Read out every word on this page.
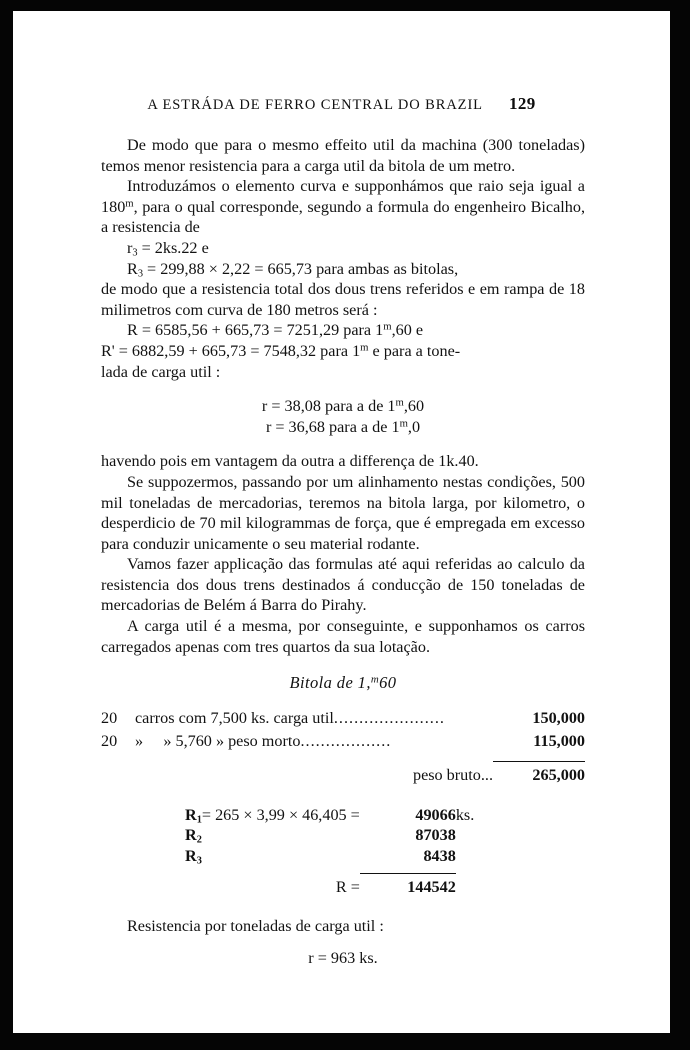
A ESTRÁDA DE FERRO CENTRAL DO BRAZIL 129

De modo que para o mesmo effeito util da machina (300 toneladas) temos menor resistencia para a carga util da bitola de um metro.

Introduzámos o elemento curva e supponhámos que raio seja igual a 180$^m$, para o qual corresponde, segundo a formula do engenheiro Bicalho, a resistencia de

$r_3 = 2ks.22$ e
$R_3 = 299,88 \times 2,22 = 665,73$ para ambas as bitolas,

de modo que a resistencia total dos dous trens referidos e em rampa de 18 milimetros com curva de 180 metros será :

R = 6585,56 + 665,73 = 7251,29 para 1$^m$,60 e
R' = 6882,59 + 665,73 = 7548,32 para 1$^m$ e para a tone-

lada de carga util :

r = 38,08 para a de 1$^m$,60
r = 36,68 para a de 1$^m$,0

havendo pois em vantagem da outra a differença de 1k.40.

Se suppozermos, passando por um alinhamento nestas condições, 500 mil toneladas de mercadorias, teremos na bitola larga, por kilometro, o desperdicio de 70 mil kilogrammas de força, que é empregada em excesso para conduzir unicamente o seu material rodante.

Vamos fazer applicação das formulas até aqui referidas ao calculo da resistencia dos dous trens destinados á conducção de 150 toneladas de mercadorias de Belém á Barra do Pirahy.

A carga util é a mesma, por conseguinte, e supponhamos os carros carregados apenas com tres quartos da sua lotação.

Bitola de 1,$^m$60
20	carros com 7,500 ks. carga util......................	150,000
20	» » 5,760 » peso morto..................	115,000

	peso bruto...	265,000
$R_1$	= 265 × 3,99 × 46,405 =	49066	ks.
$R_2$		87038	
$R_3$		8438	

	R =	144542	

Resistencia por toneladas de carga util :

r = 963 ks.
